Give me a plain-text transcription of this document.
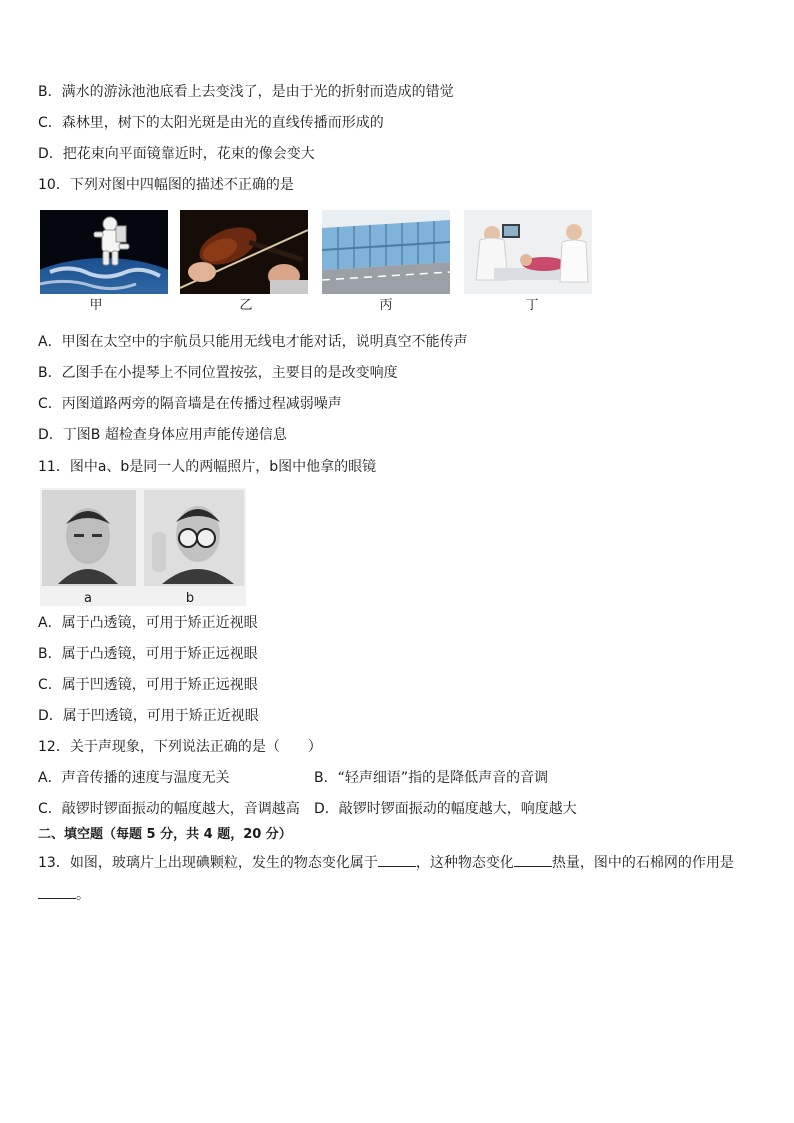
B．满水的游泳池池底看上去变浅了，是由于光的折射而造成的错觉
C．森林里，树下的太阳光斑是由光的直线传播而形成的
D．把花束向平面镜靠近时，花束的像会变大
10．下列对图中四幅图的描述不正确的是
甲	乙	丙	丁
A．甲图在太空中的宇航员只能用无线电才能对话，说明真空不能传声
B．乙图手在小提琴上不同位置按弦，主要目的是改变响度
C．丙图道路两旁的隔音墙是在传播过程减弱噪声
D．丁图B 超检查身体应用声能传递信息
11．图中a、b是同一人的两幅照片，b图中他拿的眼镜
a	b
A．属于凸透镜，可用于矫正近视眼
B．属于凸透镜，可用于矫正远视眼
C．属于凹透镜，可用于矫正远视眼
D．属于凹透镜，可用于矫正近视眼
12．关于声现象，下列说法正确的是（　　）
A．声音传播的速度与温度无关	B．“轻声细语”指的是降低声音的音调
C．敲锣时锣面振动的幅度越大，音调越高 D．敲锣时锣面振动的幅度越大，响度越大
二、填空题（每题 5 分，共 4 题，20 分）
13．如图，玻璃片上出现碘颗粒，发生的物态变化属于	，这种物态变化	热量，图中的石棉网的作用是
。
